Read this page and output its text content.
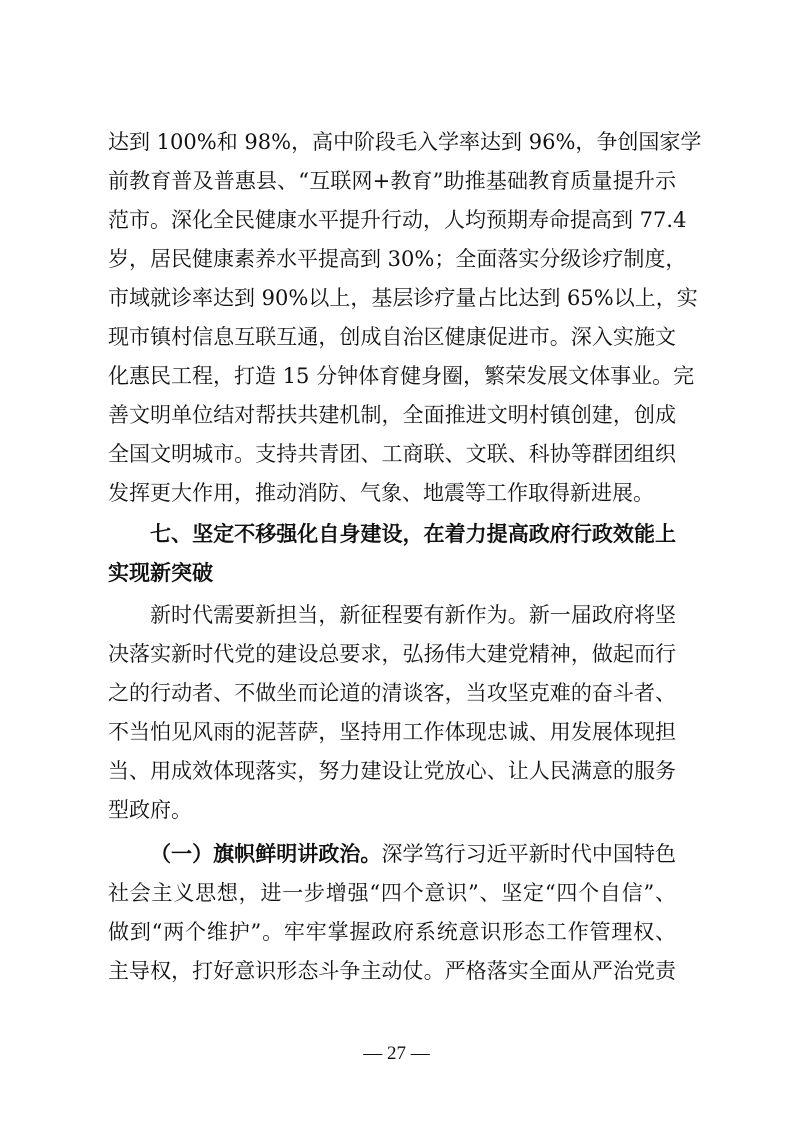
达到 100%和 98%，高中阶段毛入学率达到 96%，争创国家学
前教育普及普惠县、“互联网+教育”助推基础教育质量提升示
范市。深化全民健康水平提升行动，人均预期寿命提高到 77.4
岁，居民健康素养水平提高到 30%；全面落实分级诊疗制度，
市域就诊率达到 90%以上，基层诊疗量占比达到 65%以上，实
现市镇村信息互联互通，创成自治区健康促进市。深入实施文
化惠民工程，打造 15 分钟体育健身圈，繁荣发展文体事业。完
善文明单位结对帮扶共建机制，全面推进文明村镇创建，创成
全国文明城市。支持共青团、工商联、文联、科协等群团组织
发挥更大作用，推动消防、气象、地震等工作取得新进展。
七、坚定不移强化自身建设，在着力提高政府行政效能上
实现新突破
新时代需要新担当，新征程要有新作为。新一届政府将坚
决落实新时代党的建设总要求，弘扬伟大建党精神，做起而行
之的行动者、不做坐而论道的清谈客，当攻坚克难的奋斗者、
不当怕见风雨的泥菩萨，坚持用工作体现忠诚、用发展体现担
当、用成效体现落实，努力建设让党放心、让人民满意的服务
型政府。
（一）旗帜鲜明讲政治。深学笃行习近平新时代中国特色
社会主义思想，进一步增强“四个意识”、坚定“四个自信”、
做到“两个维护”。牢牢掌握政府系统意识形态工作管理权、
主导权，打好意识形态斗争主动仗。严格落实全面从严治党责
— 27 —
